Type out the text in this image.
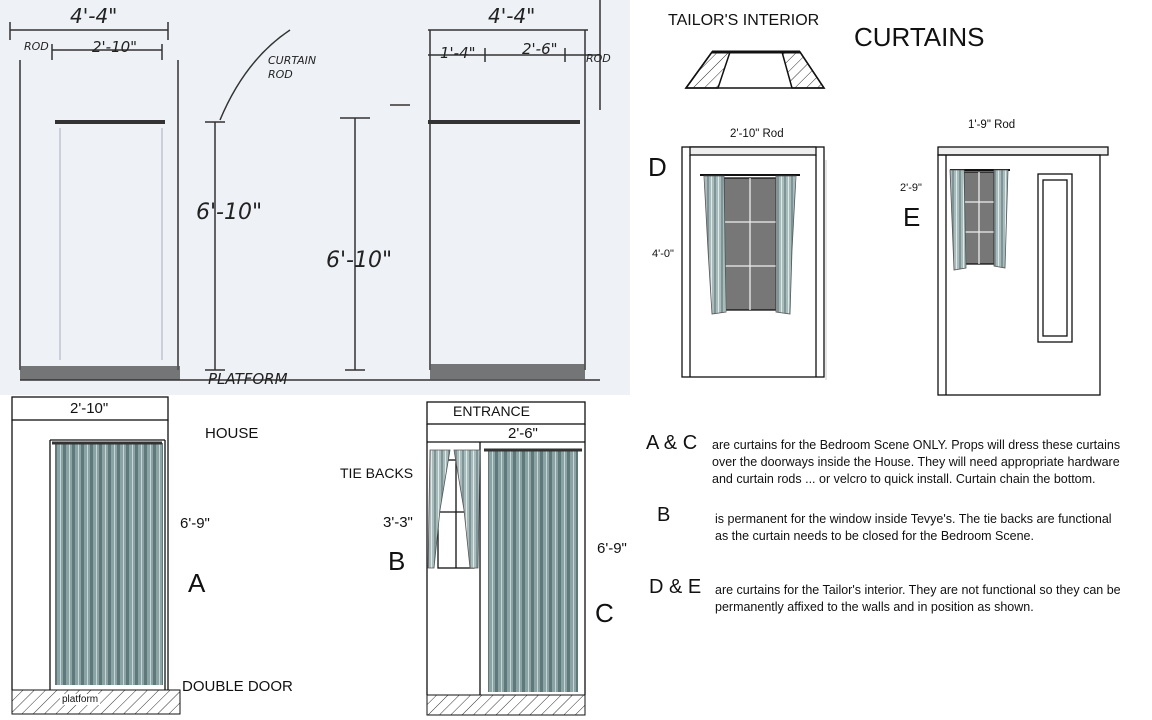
4'-4"
ROD	2'-10"
6'-10"
CURTAIN ROD
4'-4"
1'-4"	2'-6"
ROD
6'-10"
PLATFORM
TAILOR'S INTERIOR
CURTAINS
D
2'-10" Rod
4'-0"
1'-9" Rod
2'-9"
E
2'-10"
HOUSE
6'-9"
A
DOUBLE DOOR
platform
ENTRANCE
2'-6"
TIE BACKS
3'-3"
B	6'-9"
C
A & C are curtains for the Bedroom Scene ONLY. Props will dress these curtains over the doorways inside the House. They will need appropriate hardware and curtain rods ... or velcro to quick install. Curtain chain the bottom.
B	is permanent for the window inside Tevye's. The tie backs are functional as the curtain needs to be closed for the Bedroom Scene.
D & E are curtains for the Tailor's interior. They are not functional so they can be permanently affixed to the walls and in position as shown.
